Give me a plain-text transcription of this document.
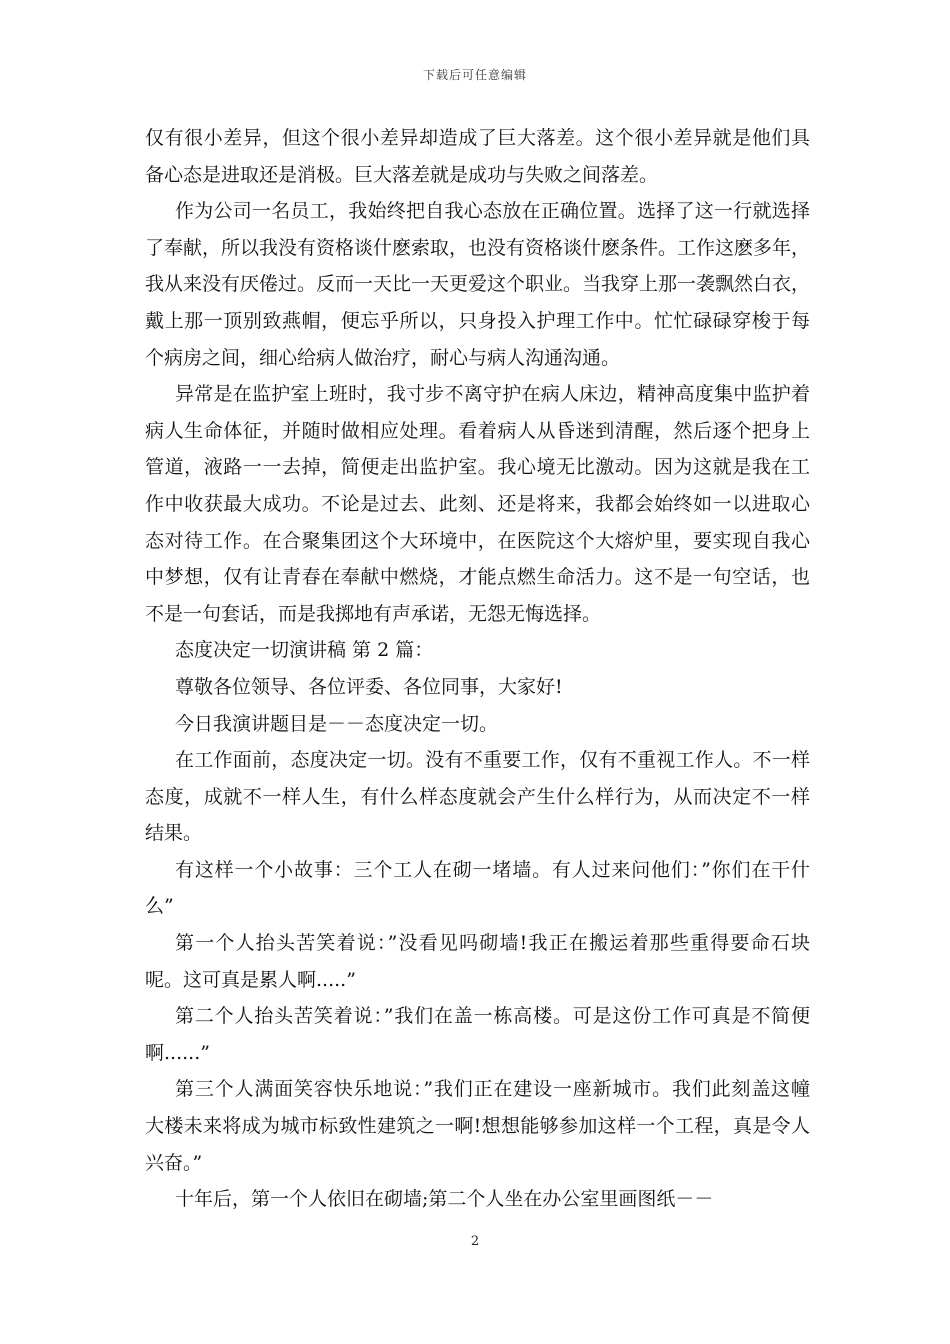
下载后可任意编辑
仅有很小差异，但这个很小差异却造成了巨大落差。这个很小差异就是他们具
备心态是进取还是消极。巨大落差就是成功与失败之间落差。
作为公司一名员工，我始终把自我心态放在正确位置。选择了这一行就选择
了奉献，所以我没有资格谈什麽索取，也没有资格谈什麽条件。工作这麽多年，
我从来没有厌倦过。反而一天比一天更爱这个职业。当我穿上那一袭飘然白衣，
戴上那一顶别致燕帽，便忘乎所以，只身投入护理工作中。忙忙碌碌穿梭于每
个病房之间，细心给病人做治疗，耐心与病人沟通沟通。
异常是在监护室上班时，我寸步不离守护在病人床边，精神高度集中监护着
病人生命体征，并随时做相应处理。看着病人从昏迷到清醒，然后逐个把身上
管道，液路一一去掉，简便走出监护室。我心境无比激动。因为这就是我在工
作中收获最大成功。不论是过去、此刻、还是将来，我都会始终如一以进取心
态对待工作。在合聚集团这个大环境中，在医院这个大熔炉里，要实现自我心
中梦想，仅有让青春在奉献中燃烧，才能点燃生命活力。这不是一句空话，也
不是一句套话，而是我掷地有声承诺，无怨无悔选择。
态度决定一切演讲稿 第 2 篇：
尊敬各位领导、各位评委、各位同事，大家好!
今日我演讲题目是－－态度决定一切。
在工作面前，态度决定一切。没有不重要工作，仅有不重视工作人。不一样
态度，成就不一样人生，有什么样态度就会产生什么样行为，从而决定不一样
结果。
有这样一个小故事：三个工人在砌一堵墙。有人过来问他们：”你们在干什
么”
第一个人抬头苦笑着说：”没看见吗砌墙!我正在搬运着那些重得要命石块
呢。这可真是累人啊.....”
第二个人抬头苦笑着说：”我们在盖一栋高楼。可是这份工作可真是不简便
啊......”
第三个人满面笑容快乐地说：”我们正在建设一座新城市。我们此刻盖这幢
大楼未来将成为城市标致性建筑之一啊!想想能够参加这样一个工程，真是令人
兴奋。”
十年后，第一个人依旧在砌墙;第二个人坐在办公室里画图纸－－
2
